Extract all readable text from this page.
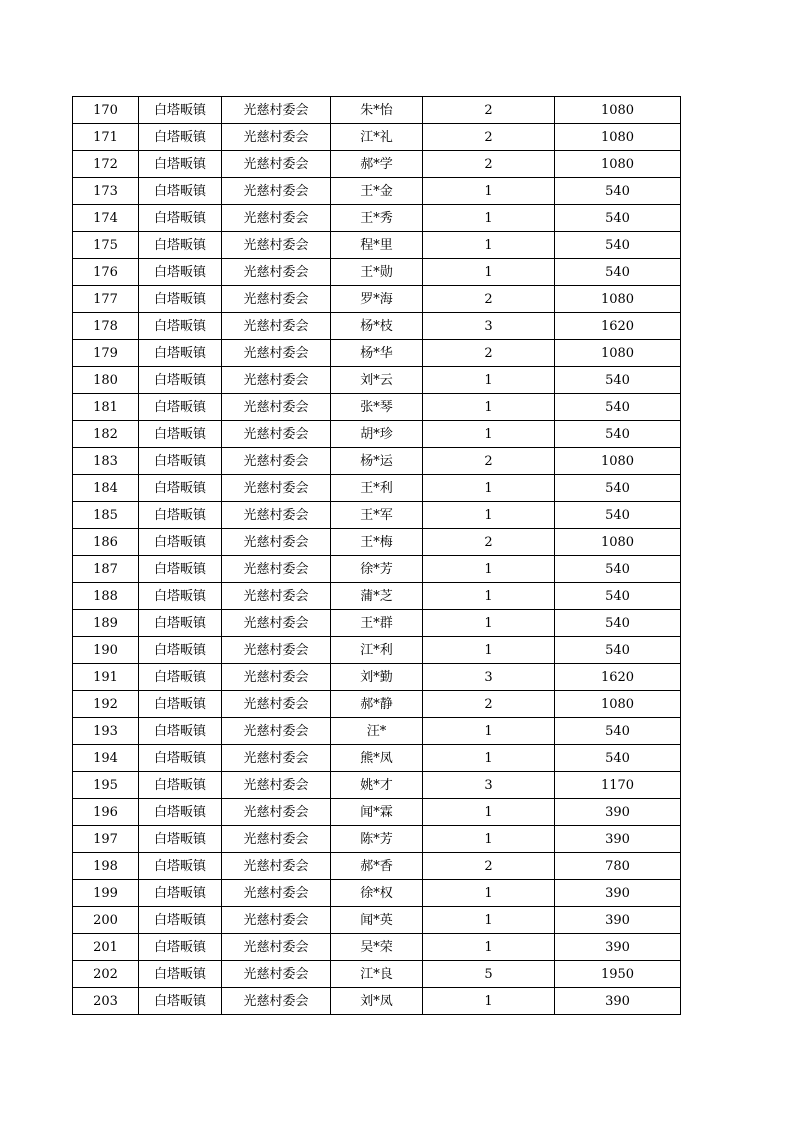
170	白塔畈镇	光慈村委会	朱*怡	2	1080
171	白塔畈镇	光慈村委会	江*礼	2	1080
172	白塔畈镇	光慈村委会	郝*学	2	1080
173	白塔畈镇	光慈村委会	王*金	1	540
174	白塔畈镇	光慈村委会	王*秀	1	540
175	白塔畈镇	光慈村委会	程*里	1	540
176	白塔畈镇	光慈村委会	王*勋	1	540
177	白塔畈镇	光慈村委会	罗*海	2	1080
178	白塔畈镇	光慈村委会	杨*枝	3	1620
179	白塔畈镇	光慈村委会	杨*华	2	1080
180	白塔畈镇	光慈村委会	刘*云	1	540
181	白塔畈镇	光慈村委会	张*琴	1	540
182	白塔畈镇	光慈村委会	胡*珍	1	540
183	白塔畈镇	光慈村委会	杨*运	2	1080
184	白塔畈镇	光慈村委会	王*利	1	540
185	白塔畈镇	光慈村委会	王*军	1	540
186	白塔畈镇	光慈村委会	王*梅	2	1080
187	白塔畈镇	光慈村委会	徐*芳	1	540
188	白塔畈镇	光慈村委会	蒲*芝	1	540
189	白塔畈镇	光慈村委会	王*群	1	540
190	白塔畈镇	光慈村委会	江*利	1	540
191	白塔畈镇	光慈村委会	刘*勤	3	1620
192	白塔畈镇	光慈村委会	郝*静	2	1080
193	白塔畈镇	光慈村委会	汪*	1	540
194	白塔畈镇	光慈村委会	熊*凤	1	540
195	白塔畈镇	光慈村委会	姚*才	3	1170
196	白塔畈镇	光慈村委会	闻*霖	1	390
197	白塔畈镇	光慈村委会	陈*芳	1	390
198	白塔畈镇	光慈村委会	郝*香	2	780
199	白塔畈镇	光慈村委会	徐*权	1	390
200	白塔畈镇	光慈村委会	闻*英	1	390
201	白塔畈镇	光慈村委会	吴*荣	1	390
202	白塔畈镇	光慈村委会	江*良	5	1950
203	白塔畈镇	光慈村委会	刘*凤	1	390
